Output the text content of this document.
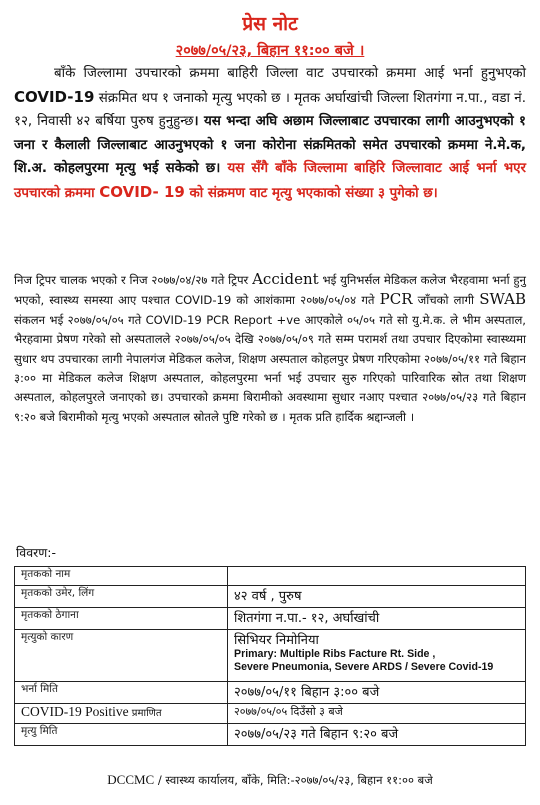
प्रेस नोट
२०७७/०५/२३, बिहान ११:०० बजे ।
बाँके जिल्लामा उपचारको क्रममा बाहिरी जिल्ला वाट उपचारको क्रममा आई भर्ना हुनुभएको COVID-19 संक्रमित थप १ जनाको मृत्यु भएको छ । मृतक अर्घाखांची जिल्ला शितगंगा न.पा., वडा नं. १२, निवासी ४२ बर्षिया पुरुष हुनुहुन्छ। यस भन्दा अघि अछाम जिल्लाबाट उपचारका लागी आउनुभएको १ जना र कैलाली जिल्लाबाट आउनुभएको १ जना कोरोना संक्रमितको समेत उपचारको क्रममा ने.मे.क, शि.अ. कोहलपुरमा मृत्यु भई सकेको छ। यस सँगै बाँके जिल्लामा बाहिरि जिल्लावाट आई भर्ना भएर उपचारको क्रममा COVID- 19 को संक्रमण वाट मृत्यु भएकाको संख्या ३ पुगेको छ।
निज ट्रिपर चालक भएको र निज २०७७/०४/२७ गते ट्रिपर Accident भई युनिभर्सल मेडिकल कलेज भैरहवामा भर्ना हुनु भएको, स्वास्थ्य समस्या आए पश्चात COVID-19 को आशंकामा २०७७/०५/०४ गते PCR जाँचको लागी SWAB संकलन भई २०७७/०५/०५ गते COVID-19 PCR Report +ve आएकोले ०५/०५ गते सो यु.मे.क. ले भीम अस्पताल, भैरहवामा प्रेषण गरेको सो अस्पतालले २०७७/०५/०५ देखि २०७७/०५/०९ गते सम्म परामर्श तथा उपचार दिएकोमा स्वास्थ्यमा सुधार थप उपचारका लागी नेपालगंज मेडिकल कलेज, शिक्षण अस्पताल कोहलपुर प्रेषण गरिएकोमा २०७७/०५/११ गते बिहान ३:०० मा मेडिकल कलेज शिक्षण अस्पताल, कोहलपुरमा भर्ना भई उपचार सुरु गरिएको पारिवारिक स्रोत तथा शिक्षण अस्पताल, कोहलपुरले जनाएको छ। उपचारको क्रममा बिरामीको अवस्थामा सुधार नआए पश्चात २०७७/०५/२३ गते बिहान ९:२० बजे बिरामीको मृत्यु भएको अस्पताल स्रोतले पुष्टि गरेको छ । मृतक प्रति हार्दिक श्रद्दान्जली ।
विवरण:-
मृतकको नाम	
मृतकको उमेर, लिंग	४२ वर्ष , पुरुष
मृतकको ठेगाना	शितगंगा न.पा.- १२, अर्घाखांची
मृत्युको कारण	सिभियर निमोनिया
Primary: Multiple Ribs Facture Rt. Side ,
Severe Pneumonia, Severe ARDS / Severe Covid-19

भर्ना मिति	२०७७/०५/११ बिहान ३:०० बजे
COVID-19 Positive प्रमाणित	२०७७/०५/०५ दिउँसो ३ बजे
मृत्यु मिति	२०७७/०५/२३ गते बिहान ९:२० बजे
DCCMC / स्वास्थ्य कार्यालय, बाँके, मिति:-२०७७/०५/२३, बिहान ११:०० बजे
